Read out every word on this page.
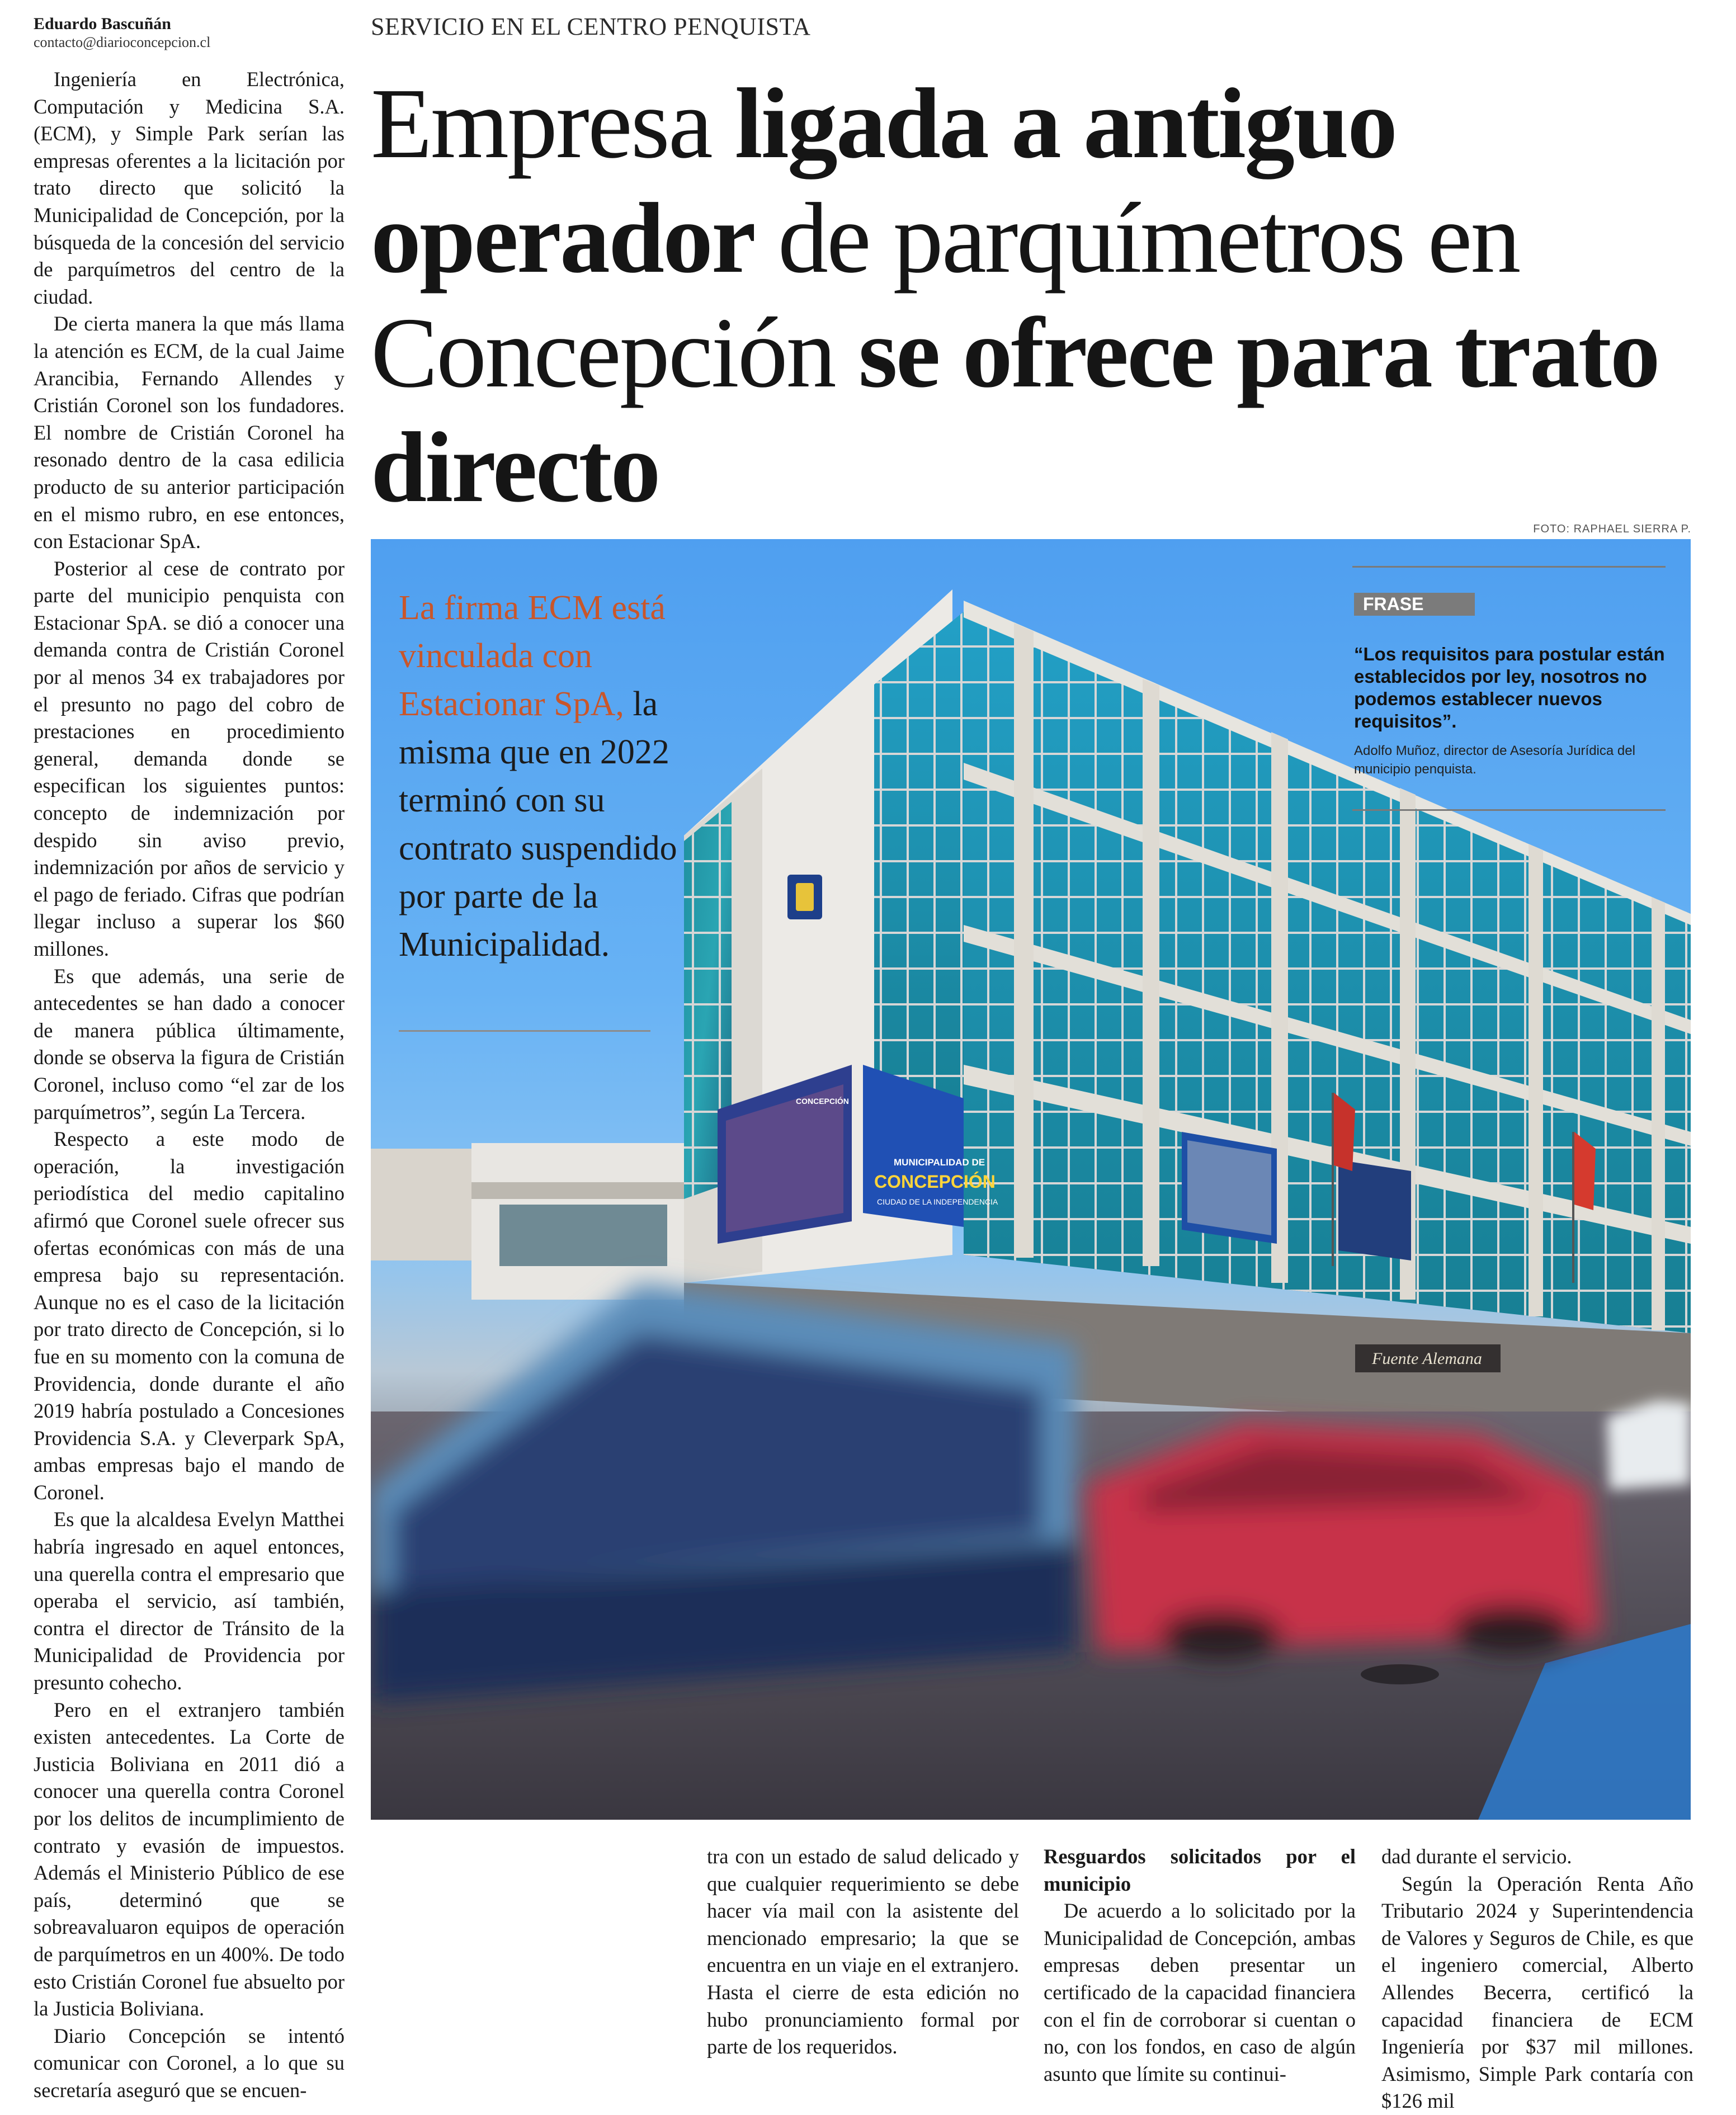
Eduardo Bascuñán
contacto@diarioconcepcion.cl
SERVICIO EN EL CENTRO PENQUISTA
Empresa ligada a antiguo operador de parquímetros en Concepción se ofrece para trato directo

Ingeniería en Electrónica, Computación y Medicina S.A. (ECM), y Simple Park serían las empresas oferentes a la licitación por trato directo que solicitó la Municipalidad de Concepción, por la búsqueda de la concesión del servicio de parquímetros del centro de la ciudad.

De cierta manera la que más llama la atención es ECM, de la cual Jaime Arancibia, Fernando Allendes y Cristián Coronel son los fundadores. El nombre de Cristián Coronel ha resonado dentro de la casa edilicia producto de su anterior participación en el mismo rubro, en ese entonces, con Estacionar SpA.

Posterior al cese de contrato por parte del municipio penquista con Estacionar SpA. se dió a conocer una demanda contra de Cristián Coronel por al menos 34 ex trabajadores por el presunto no pago del cobro de prestaciones en procedimiento general, demanda donde se especifican los siguientes puntos: concepto de indemnización por despido sin aviso previo, indemnización por años de servicio y el pago de feriado. Cifras que podrían llegar incluso a superar los $60 millones.

Es que además, una serie de antecedentes se han dado a conocer de manera pública últimamente, donde se observa la figura de Cristián Coronel, incluso como “el zar de los parquímetros”, según La Tercera.

Respecto a este modo de operación, la investigación periodística del medio capitalino afirmó que Coronel suele ofrecer sus ofertas económicas con más de una empresa bajo su representación. Aunque no es el caso de la licitación por trato directo de Concepción, si lo fue en su momento con la comuna de Providencia, donde durante el año 2019 habría postulado a Concesiones Providencia S.A. y Cleverpark SpA, ambas empresas bajo el mando de Coronel.

Es que la alcaldesa Evelyn Matthei habría ingresado en aquel entonces, una querella contra el empresario que operaba el servicio, así también, contra el director de Tránsito de la Municipalidad de Providencia por presunto cohecho.

Pero en el extranjero también existen antecedentes. La Corte de Justicia Boliviana en 2011 dió a conocer una querella contra Coronel por los delitos de incumplimiento de contrato y evasión de impuestos. Además el Ministerio Público de ese país, determinó que se sobreavaluaron equipos de operación de parquímetros en un 400%. De todo esto Cristián Coronel fue absuelto por la Justicia Boliviana.

Diario Concepción se intentó comunicar con Coronel, a lo que su secretaría aseguró que se encuen-

FOTO: RAPHAEL SIERRA P.
MUNICIPALIDAD DE
CONCEPCIÓN
CIUDAD DE LA INDEPENDENCIA
CONCEPCIÓN
Fuente Alemana
La firma ECM está vinculada con Estacionar SpA, la misma que en 2022 terminó con su contrato suspendido por parte de la Municipalidad.
FRASE
“Los requisitos para postular están establecidos por ley, nosotros no podemos establecer nuevos requisitos”.
Adolfo Muñoz, director de Asesoría Jurídica del municipio penquista.

tra con un estado de salud delicado y que cualquier requerimiento se debe hacer vía mail con la asistente del mencionado empresario; la que se encuentra en un viaje en el extranjero. Hasta el cierre de esta edición no hubo pronunciamiento formal por parte de los requeridos.

Resguardos solicitados por el municipio

De acuerdo a lo solicitado por la Municipalidad de Concepción, ambas empresas deben presentar un certificado de la capacidad financiera con el fin de corroborar si cuentan o no, con los fondos, en caso de algún asunto que límite su continui-

dad durante el servicio.

Según la Operación Renta Año Tributario 2024 y Superintendencia de Valores y Seguros de Chile, es que el ingeniero comercial, Alberto Allendes Becerra, certificó la capacidad financiera de ECM Ingeniería por $37 mil millones. Asimismo, Simple Park contaría con $126 mil
